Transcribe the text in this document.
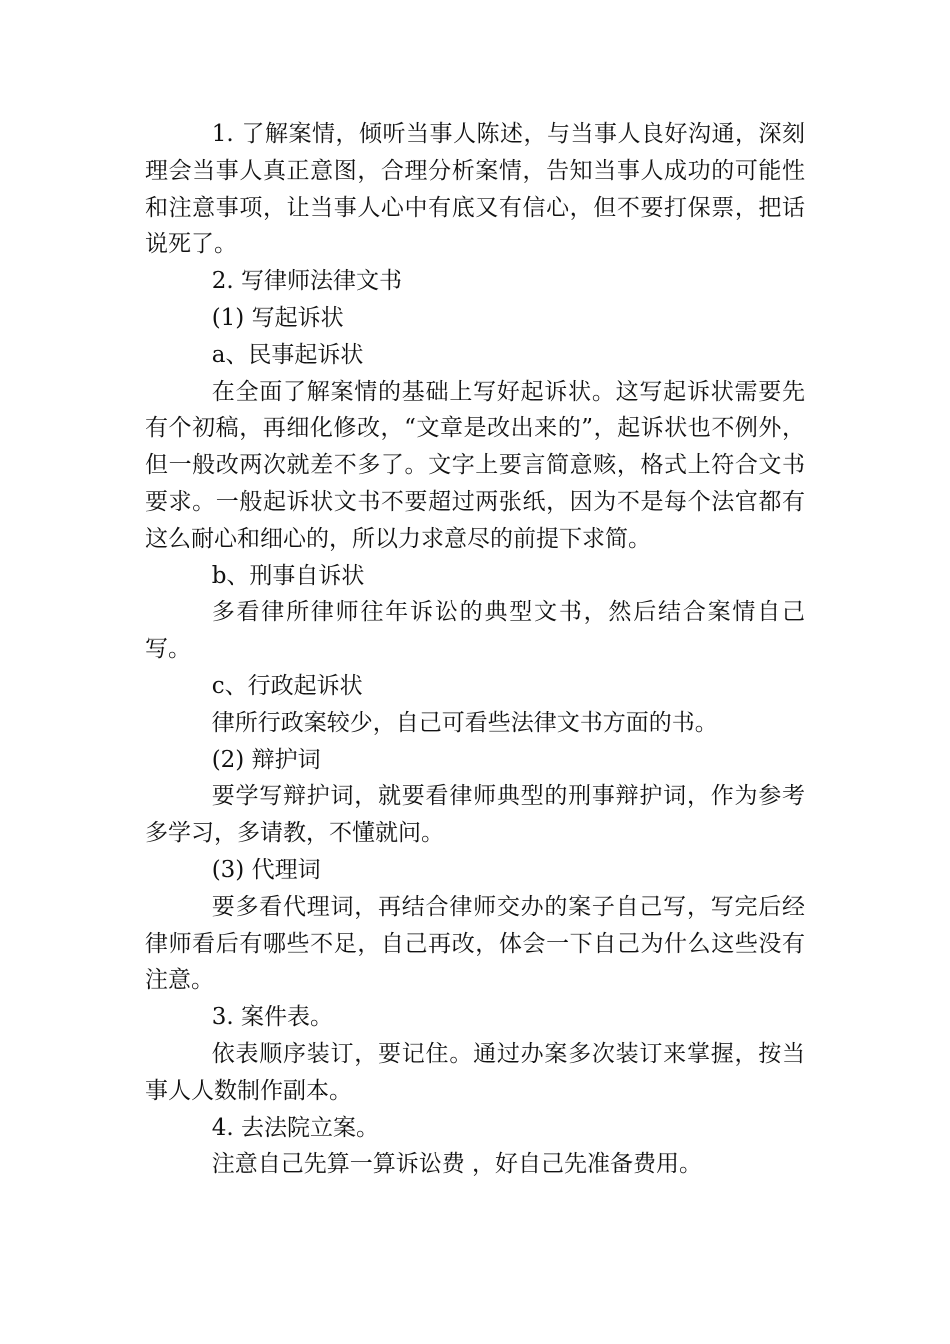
1. 了解案情，倾听当事人陈述，与当事人良好沟通，深刻理会当事人真正意图，合理分析案情，告知当事人成功的可能性和注意事项，让当事人心中有底又有信心，但不要打保票，把话说死了。

2. 写律师法律文书

(1) 写起诉状

a、民事起诉状

在全面了解案情的基础上写好起诉状。这写起诉状需要先有个初稿，再细化修改，“文章是改出来的”，起诉状也不例外，但一般改两次就差不多了。文字上要言简意赅，格式上符合文书要求。一般起诉状文书不要超过两张纸，因为不是每个法官都有这么耐心和细心的，所以力求意尽的前提下求简。

b、刑事自诉状

多看律所律师往年诉讼的典型文书，然后结合案情自己写。

c、行政起诉状

律所行政案较少，自己可看些法律文书方面的书。

(2) 辩护词

要学写辩护词，就要看律师典型的刑事辩护词，作为参考多学习，多请教，不懂就问。

(3) 代理词

要多看代理词，再结合律师交办的案子自己写，写完后经律师看后有哪些不足，自己再改，体会一下自己为什么这些没有注意。

3. 案件表。

依表顺序装订，要记住。通过办案多次装订来掌握，按当事人人数制作副本。

4. 去法院立案。

注意自己先算一算诉讼费 ，好自己先准备费用。
